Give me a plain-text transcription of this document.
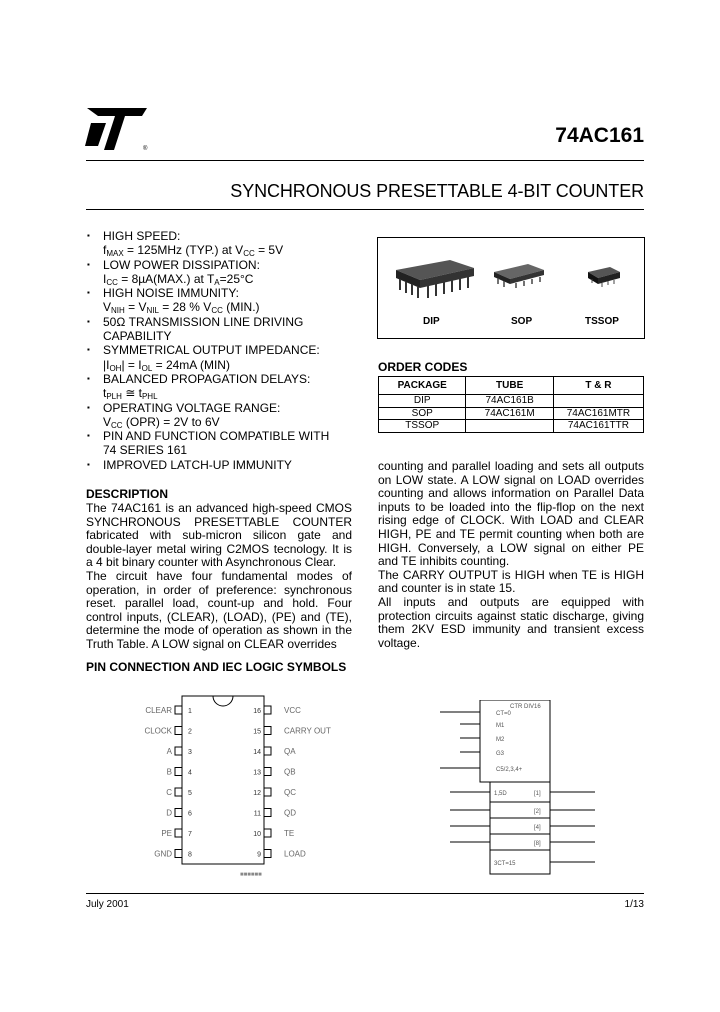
®
74AC161
SYNCHRONOUS PRESETTABLE 4-BIT COUNTER
▪ HIGH SPEED:
$f_{MAX} = 125MHz$ (TYP.) at $V_{CC} = 5V$
▪ LOW POWER DISSIPATION:
$I_{CC} = 8\mu A(MAX.)$ at $T_A=25^\circ C$
▪ HIGH NOISE IMMUNITY:
$V_{NIH} = V_{NIL} = 28$ % $V_{CC}$ (MIN.)
▪ 50Ω TRANSMISSION LINE DRIVING
CAPABILITY
▪ SYMMETRICAL OUTPUT IMPEDANCE:
$|I_{OH}| = I_{OL} = 24mA$ (MIN)
▪ BALANCED PROPAGATION DELAYS:
$t_{PLH}$ ≅ $t_{PHL}$
▪ OPERATING VOLTAGE RANGE:
$V_{CC}$ (OPR) = 2V to 6V
▪ PIN AND FUNCTION COMPATIBLE WITH
74 SERIES 161
▪ IMPROVED LATCH-UP IMMUNITY
DIP	SOP	TSSOP
ORDER CODES
PACKAGE	TUBE	T & R
DIP	74AC161B	
SOP	74AC161M	74AC161MTR
TSSOP		74AC161TTR
counting and parallel loading and sets all outputs on LOW state. A LOW signal on LOAD overrides counting and allows information on Parallel Data inputs to be loaded into the flip-flop on the next rising edge of CLOCK. With LOAD and CLEAR HIGH, PE and TE permit counting when both are HIGH. Conversely, a LOW signal on either PE and TE inhibits counting.
The CARRY OUTPUT is HIGH when TE is HIGH and counter is in state 15.
All inputs and outputs are equipped with protection circuits against static discharge, giving them 2KV ESD immunity and transient excess voltage.
DESCRIPTION
The 74AC161 is an advanced high-speed CMOS SYNCHRONOUS PRESETTABLE COUNTER fabricated with sub-micron silicon gate and double-layer metal wiring C2MOS tecnology. It is a 4 bit binary counter with Asynchronous Clear.
The circuit have four fundamental modes of operation, in order of preference: synchronous reset. parallel load, count-up and hold. Four control inputs, (CLEAR), (LOAD), (PE) and (TE), determine the mode of operation as shown in the Truth Table. A LOW signal on CLEAR overrides
PIN CONNECTION AND IEC LOGIC SYMBOLS
1
CLEAR
2
CLOCK
3
A
4
B
5
C
6
D
7
PE
8
GND
16	VCC
15	CARRY OUT
14	QA
13	QB
12	QC
11	QD
10	TE
9	LOAD
■■■■■■
CTR DIV16
CT=0
M1
M2
G3
C5/2,3,4+
1,5D
3CT=15
[1]
[2]
[4]
[8]
July 2001	1/13
